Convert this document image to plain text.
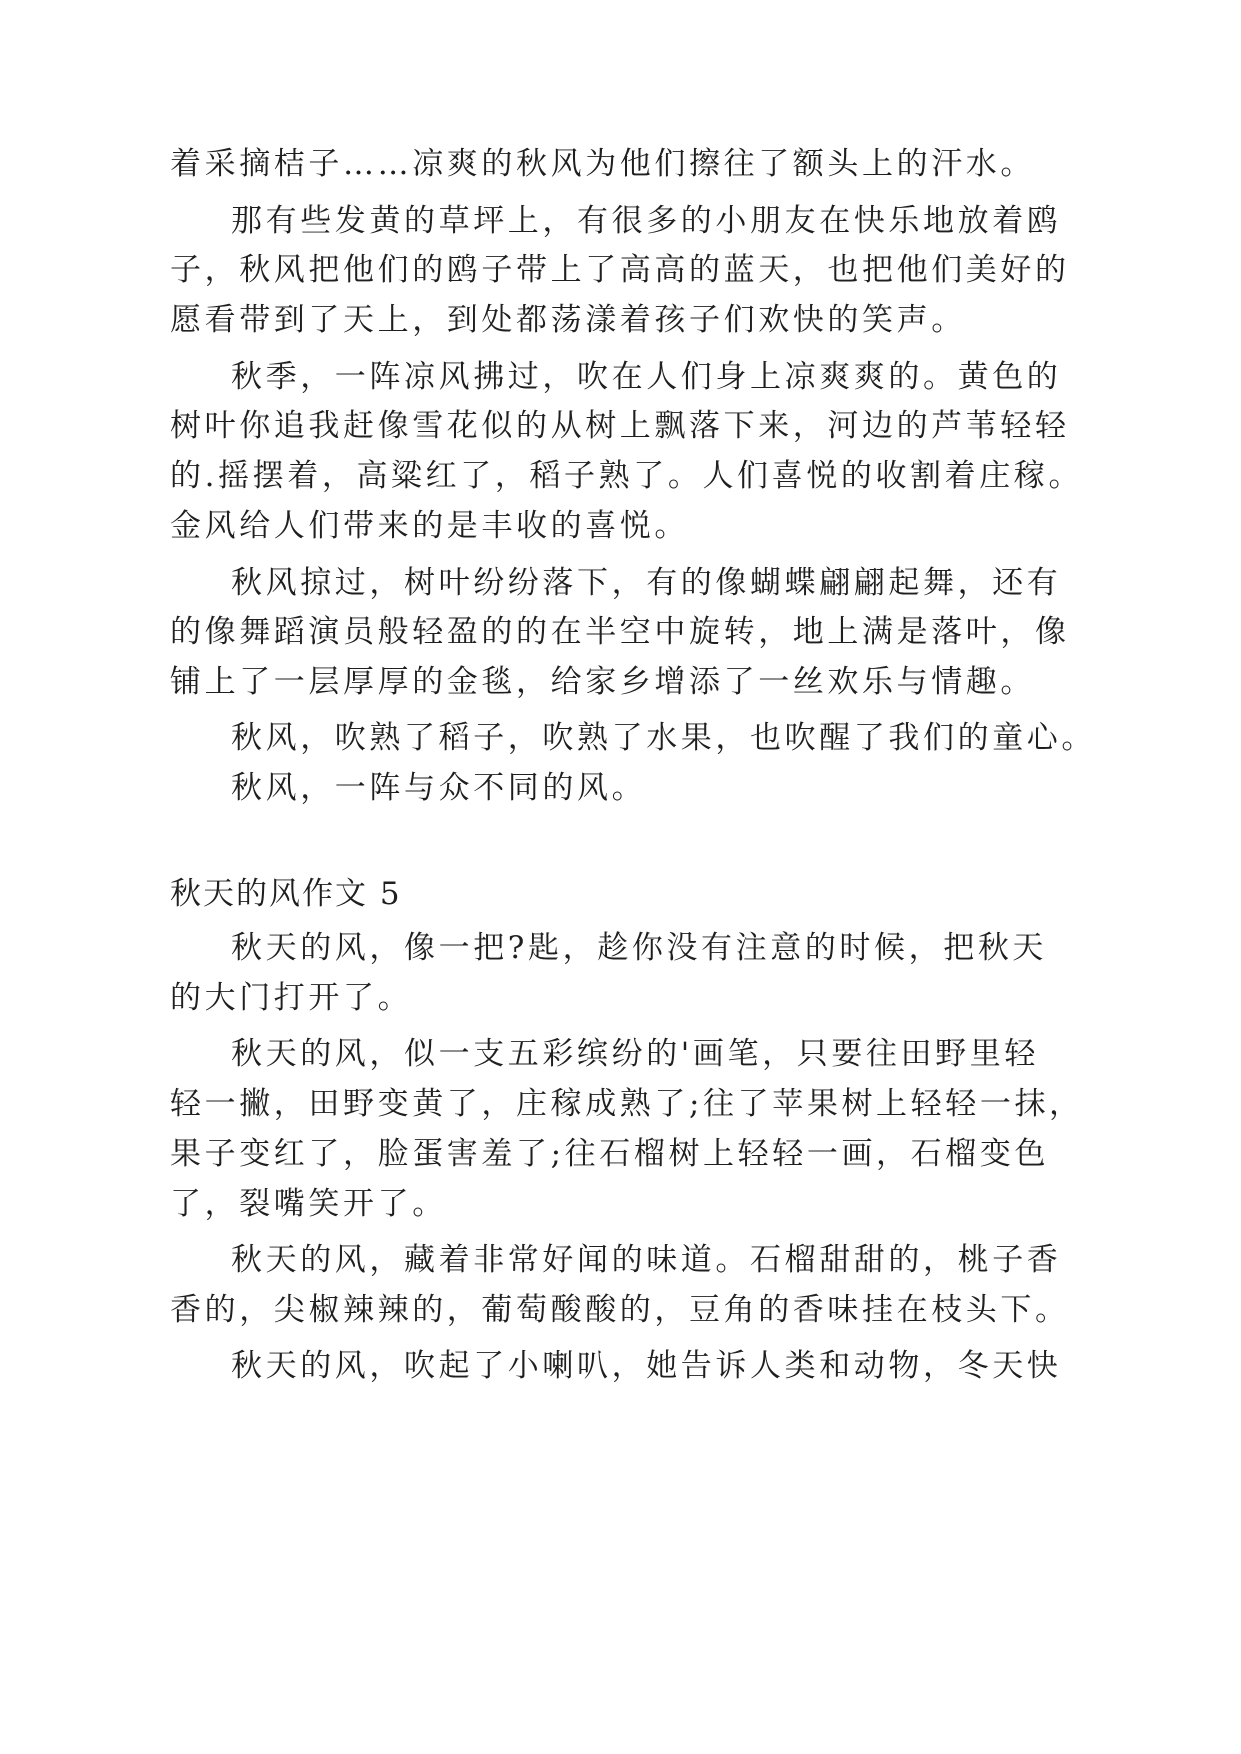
着采摘桔子……凉爽的秋风为他们擦往了额头上的汗水。

那有些发黄的草坪上，有很多的小朋友在快乐地放着鸥

子，秋风把他们的鸥子带上了高高的蓝天，也把他们美好的

愿看带到了天上，到处都荡漾着孩子们欢快的笑声。

秋季，一阵凉风拂过，吹在人们身上凉爽爽的。黄色的

树叶你追我赶像雪花似的从树上飘落下来，河边的芦苇轻轻

的.摇摆着，高粱红了，稻子熟了。人们喜悦的收割着庄稼。

金风给人们带来的是丰收的喜悦。

秋风掠过，树叶纷纷落下，有的像蝴蝶翩翩起舞，还有

的像舞蹈演员般轻盈的的在半空中旋转，地上满是落叶，像

铺上了一层厚厚的金毯，给家乡增添了一丝欢乐与情趣。

秋风，吹熟了稻子，吹熟了水果，也吹醒了我们的童心。

秋风，一阵与众不同的风。

秋天的风作文 5

秋天的风，像一把?匙，趁你没有注意的时候，把秋天

的大门打开了。

秋天的风，似一支五彩缤纷的'画笔，只要往田野里轻

轻一撇，田野变黄了，庄稼成熟了;往了苹果树上轻轻一抹，

果子变红了，脸蛋害羞了;往石榴树上轻轻一画，石榴变色

了，裂嘴笑开了。

秋天的风，藏着非常好闻的味道。石榴甜甜的，桃子香

香的，尖椒辣辣的，葡萄酸酸的，豆角的香味挂在枝头下。

秋天的风，吹起了小喇叭，她告诉人类和动物，冬天快
